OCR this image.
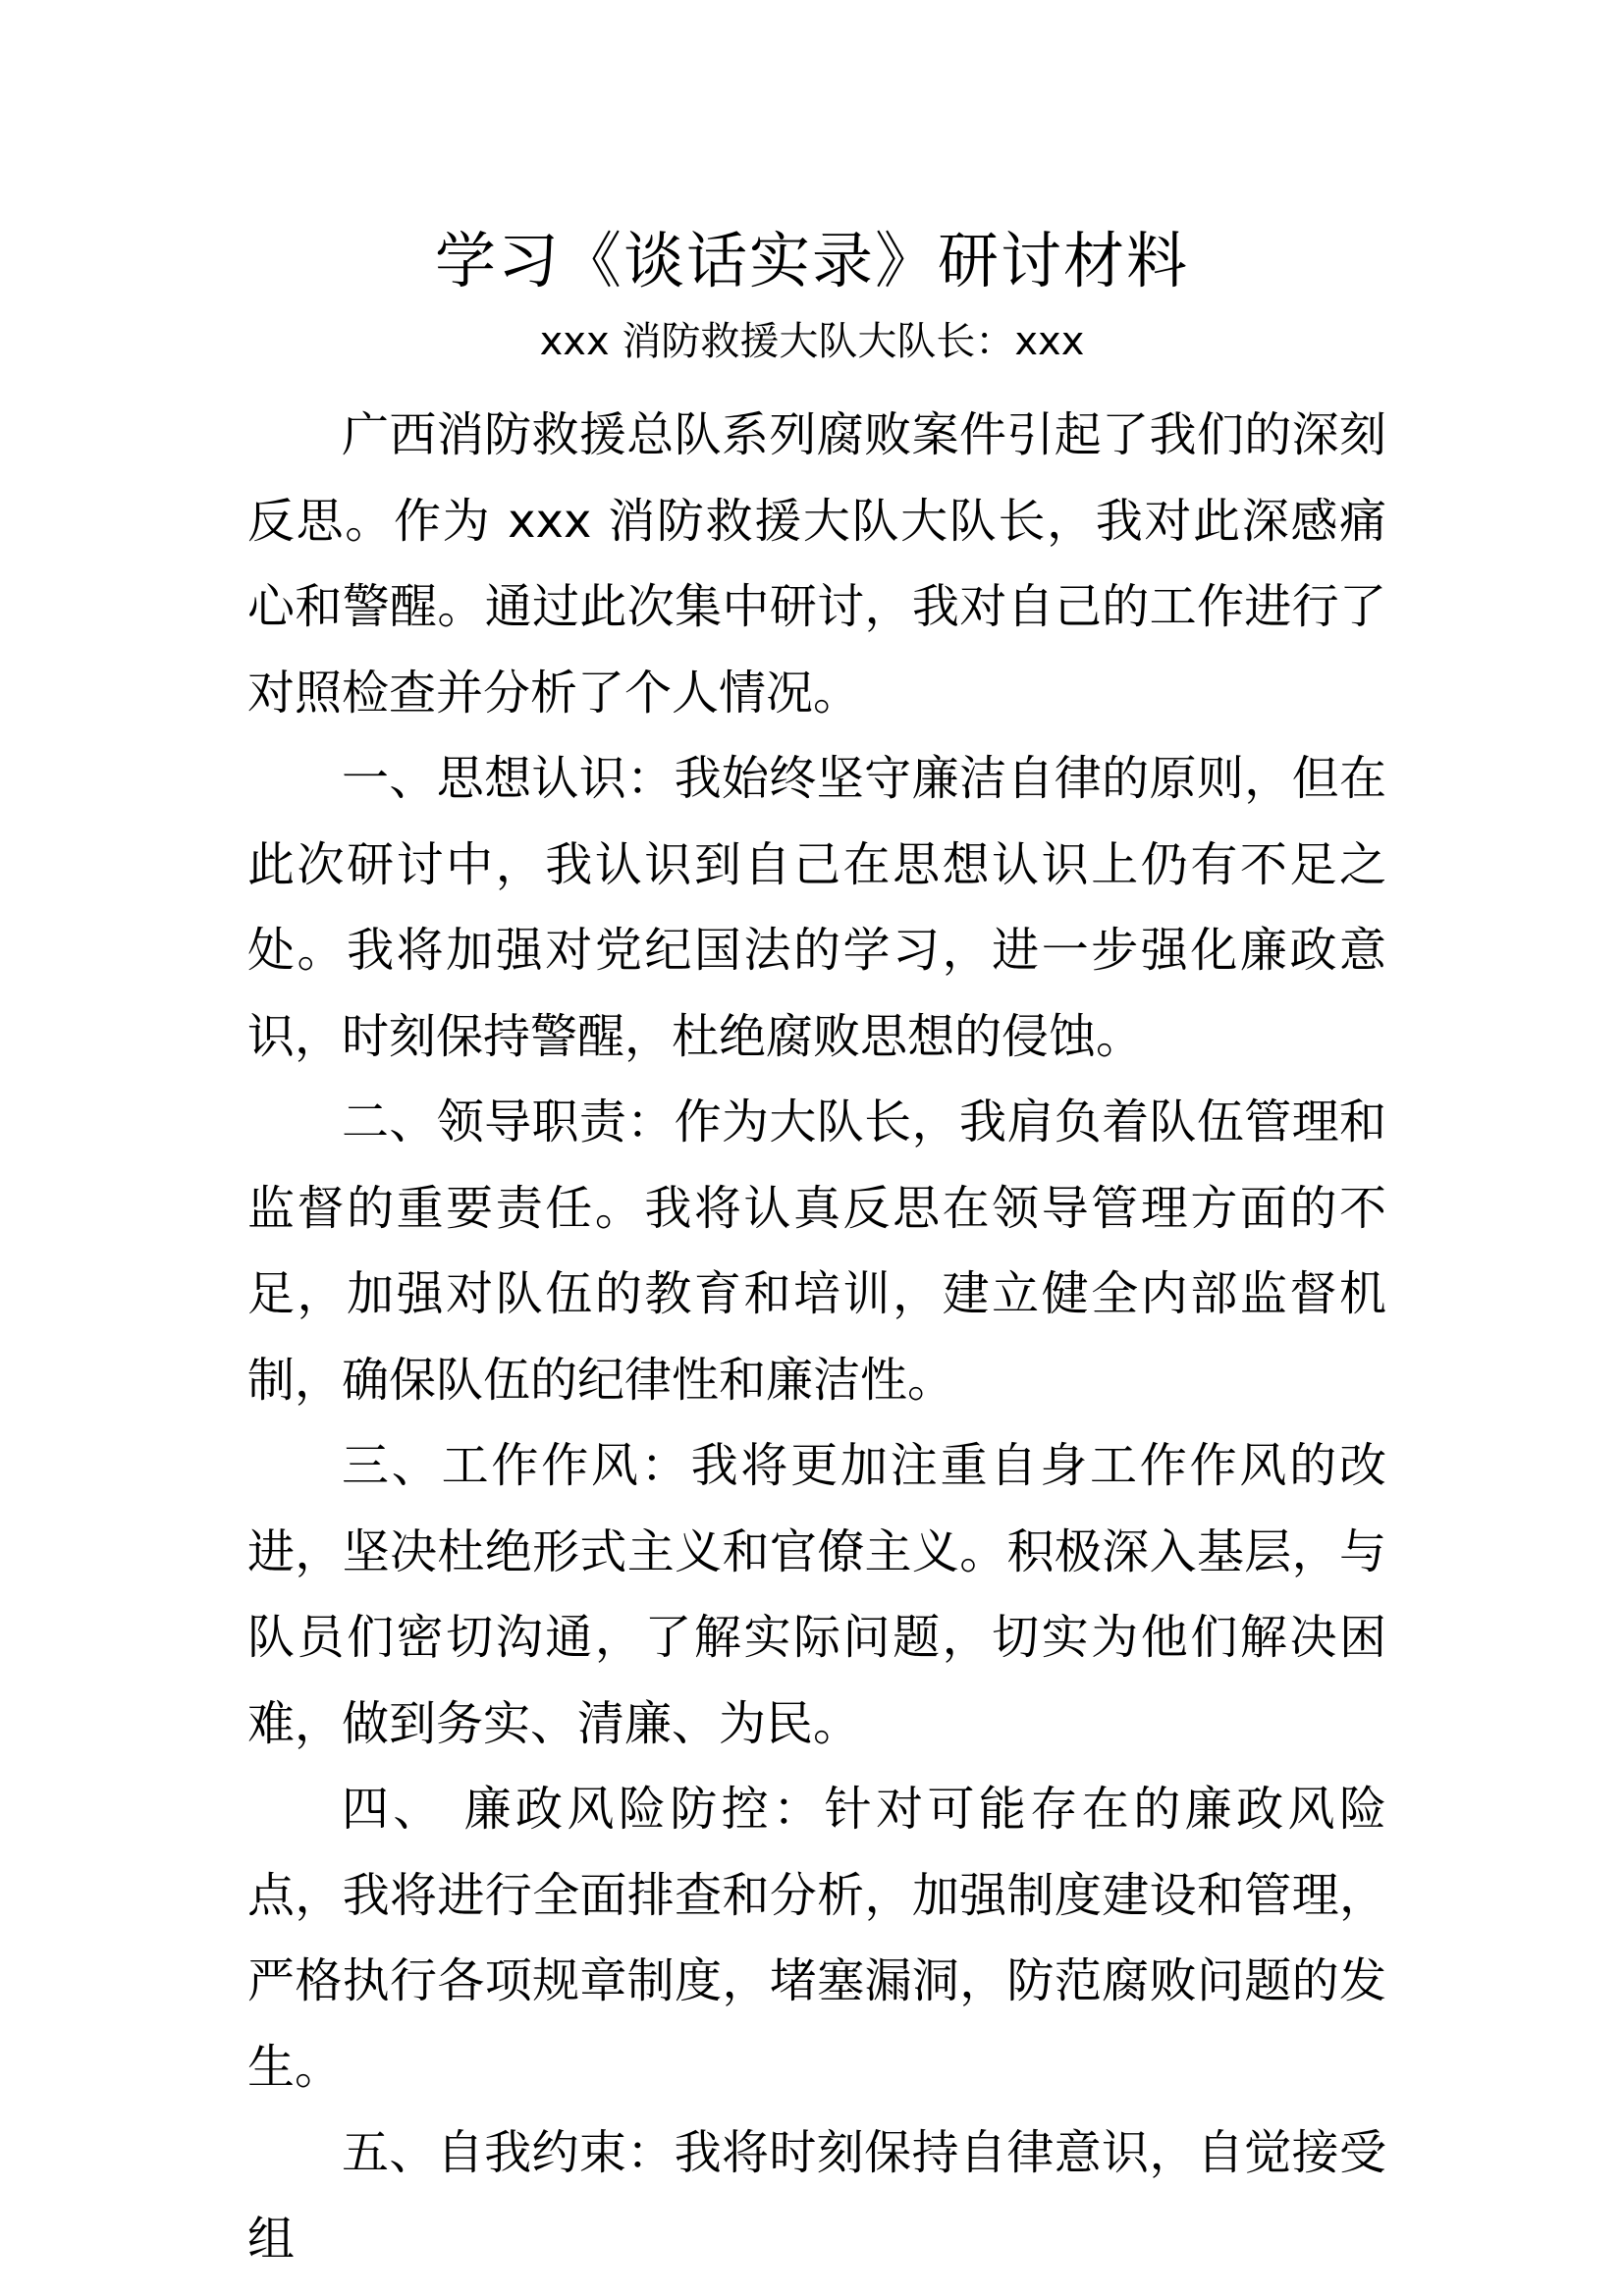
学习《谈话实录》研讨材料
xxx 消防救援大队大队长：xxx

广西消防救援总队系列腐败案件引起了我们的深刻反思。作为 xxx 消防救援大队大队长，我对此深感痛心和警醒。通过此次集中研讨，我对自己的工作进行了对照检查并分析了个人情况。

一、思想认识：我始终坚守廉洁自律的原则，但在此次研讨中，我认识到自己在思想认识上仍有不足之处。我将加强对党纪国法的学习，进一步强化廉政意识，时刻保持警醒，杜绝腐败思想的侵蚀。

二、领导职责：作为大队长，我肩负着队伍管理和监督的重要责任。我将认真反思在领导管理方面的不足，加强对队伍的教育和培训，建立健全内部监督机制，确保队伍的纪律性和廉洁性。

三、工作作风：我将更加注重自身工作作风的改进，坚决杜绝形式主义和官僚主义。积极深入基层，与队员们密切沟通，了解实际问题，切实为他们解决困难，做到务实、清廉、为民。

四、 廉政风险防控：针对可能存在的廉政风险点，我将进行全面排查和分析，加强制度建设和管理，严格执行各项规章制度，堵塞漏洞，防范腐败问题的发生。

五、自我约束：我将时刻保持自律意识，自觉接受组
